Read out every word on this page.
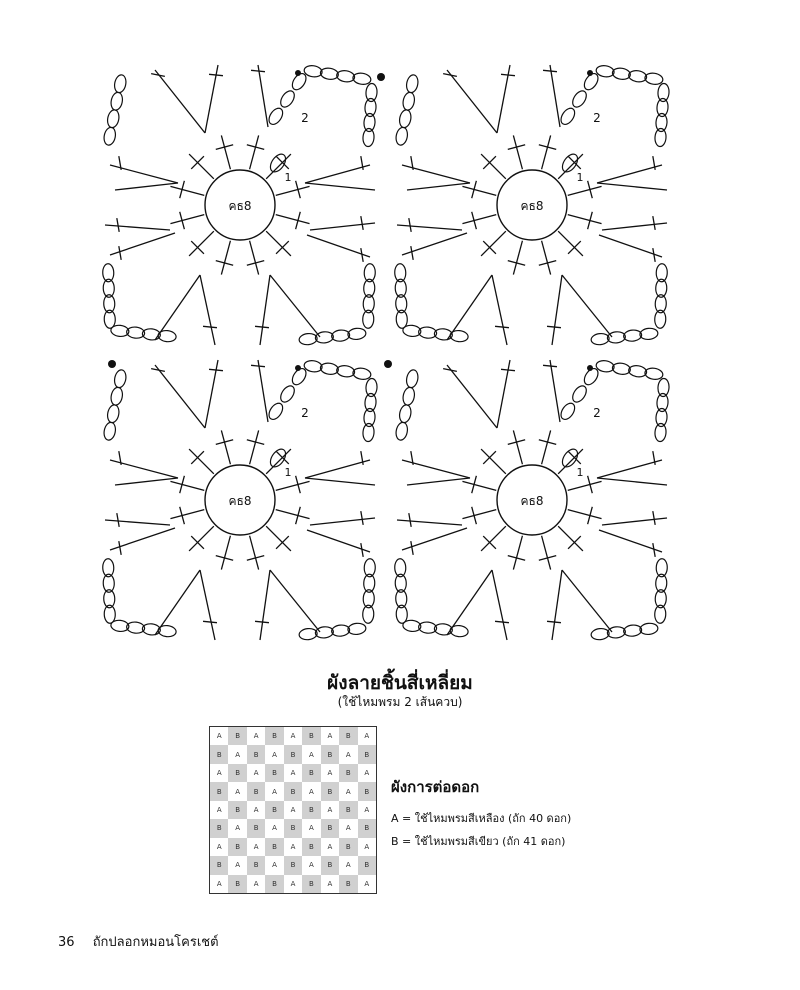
คธ8
1
2
คธ8
1
2
คธ8
1
2
คธ8
1
2
ผังลายชิ้นสี่เหลี่ยม
(ใช้ไหมพรม 2 เส้นควบ)
A	B	A	B	A	B	A	B	A
B	A	B	A	B	A	B	A	B
A	B	A	B	A	B	A	B	A
B	A	B	A	B	A	B	A	B
A	B	A	B	A	B	A	B	A
B	A	B	A	B	A	B	A	B
A	B	A	B	A	B	A	B	A
B	A	B	A	B	A	B	A	B
A	B	A	B	A	B	A	B	A
ผังการต่อดอก
A = ใช้ไหมพรมสีเหลือง (ถัก 40 ดอก)
B = ใช้ไหมพรมสีเขียว (ถัก 41 ดอก)
36 ถักปลอกหมอนโครเชต์
